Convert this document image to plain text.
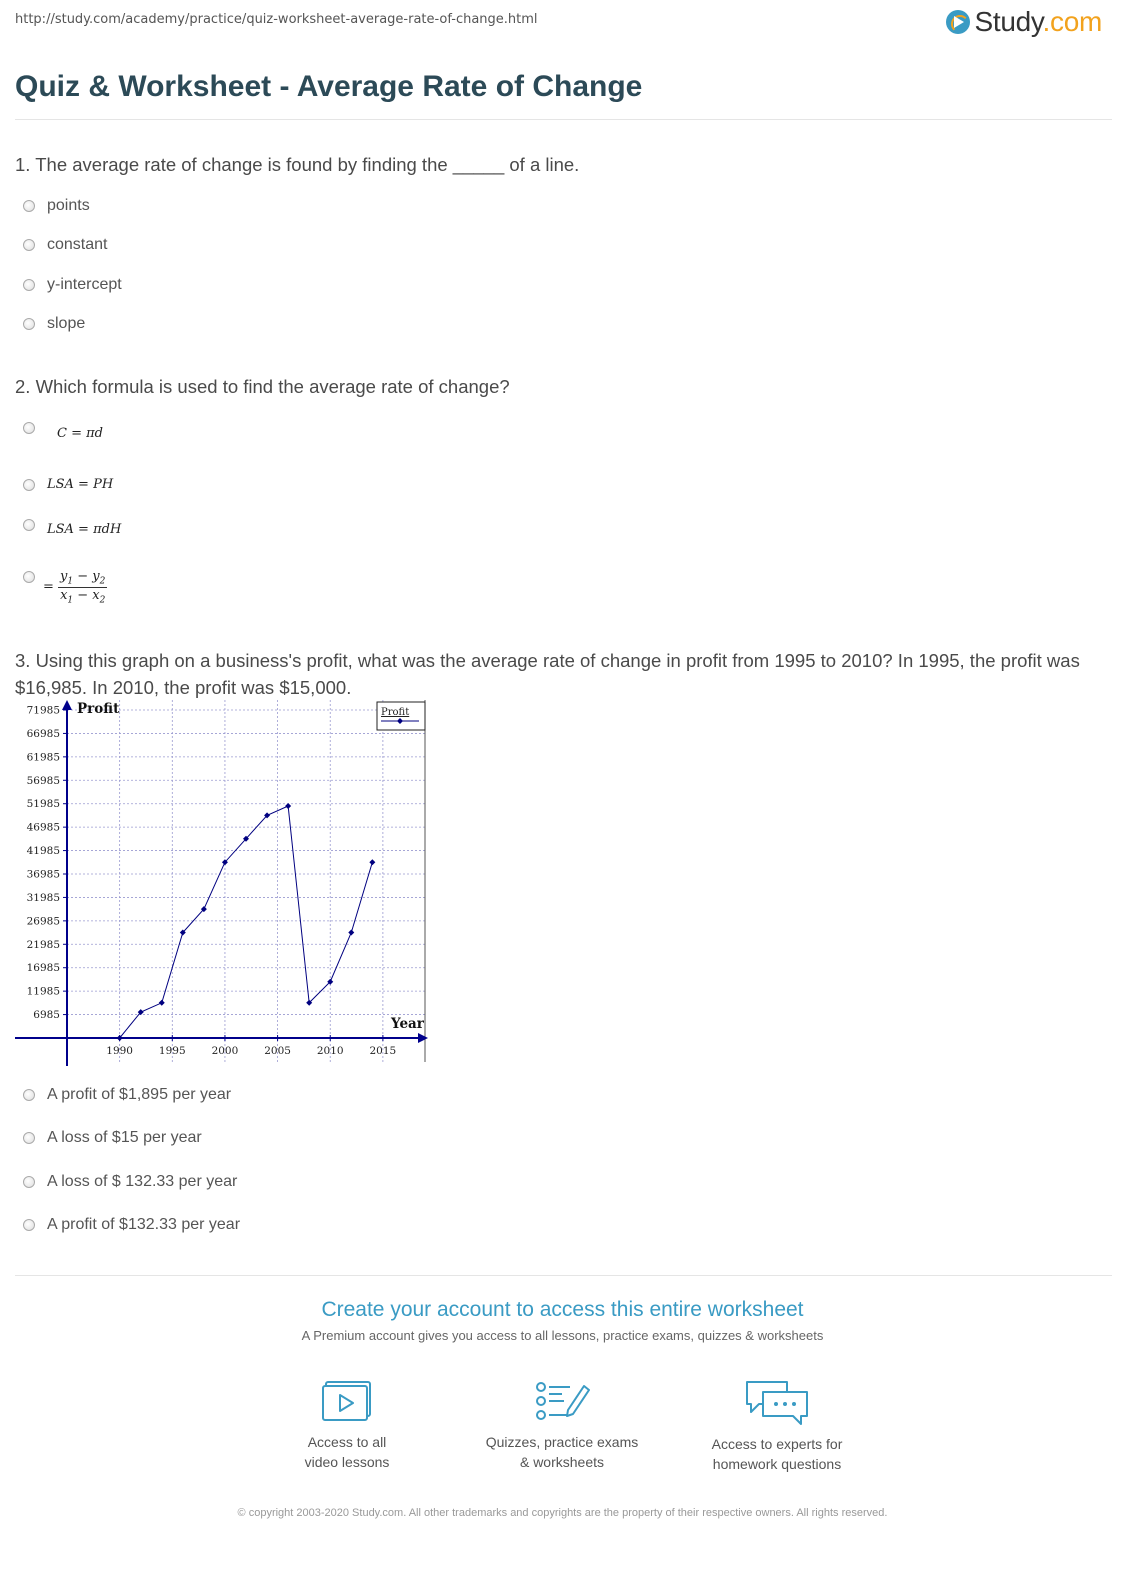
http://study.com/academy/practice/quiz-worksheet-average-rate-of-change.html	Study.com
Quiz & Worksheet - Average Rate of Change
1. The average rate of change is found by finding the _____ of a line.
points
constant
y-intercept
slope
2. Which formula is used to find the average rate of change?
C = πd
LSA = PH
LSA = πdH
= $\frac{y_1 - y_2}{x_1 - x_2}$
3. Using this graph on a business's profit, what was the average rate of change in profit from 1995 to 2010? In 1995, the profit was $16,985. In 2010, the profit was $15,000.
6985
11985
16985
21985
26985
31985
36985
41985
46985
51985
56985
61985
66985
71985
1990 1995 2000 2005 2010 2015
Profit
Year
Profit
A profit of $1,895 per year
A loss of $15 per year
A loss of $ 132.33 per year
A profit of $132.33 per year
Create your account to access this entire worksheet
A Premium account gives you access to all lessons, practice exams, quizzes & worksheets
Access to all
video lessons
Quizzes, practice exams
& worksheets
Access to experts for
homework questions
© copyright 2003-2020 Study.com. All other trademarks and copyrights are the property of their respective owners. All rights reserved.
